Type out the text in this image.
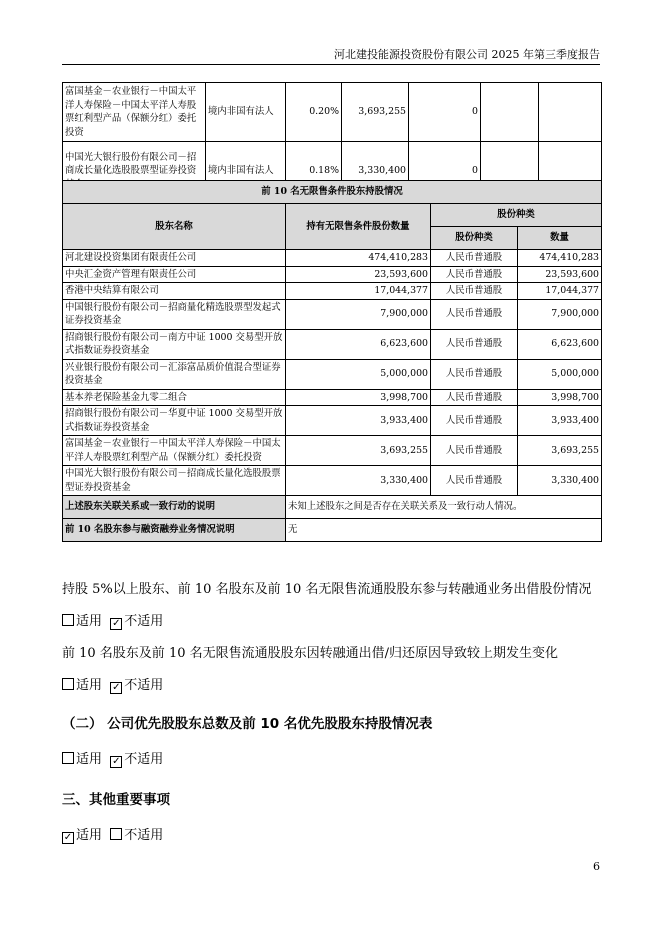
河北建投能源投资股份有限公司 2025 年第三季度报告
富国基金－农业银行－中国太平洋人寿保险－中国太平洋人寿股票红利型产品（保额分红）委托投资	境内非国有法人	0.20%	3,693,255	0		
中国光大银行股份有限公司－招商成长量化选股股票型证券投资	境内非国有法人	0.18%	3,330,400	0		
前 10 名无限售条件股东持股情况			
股东名称	持有无限售条件股份数量	股份种类	
		股份种类	数量
河北建设投资集团有限责任公司	474,410,283	人民币普通股	474,410,283
中央汇金资产管理有限责任公司	23,593,600	人民币普通股	23,593,600
香港中央结算有限公司	17,044,377	人民币普通股	17,044,377
中国银行股份有限公司－招商量化精选股票型发起式证券投资基金	7,900,000	人民币普通股	7,900,000
招商银行股份有限公司－南方中证 1000 交易型开放式指数证券投资基金	6,623,600	人民币普通股	6,623,600
兴业银行股份有限公司－汇添富品质价值混合型证券投资基金	5,000,000	人民币普通股	5,000,000
基本养老保险基金九零二组合	3,998,700	人民币普通股	3,998,700
招商银行股份有限公司－华夏中证 1000 交易型开放式指数证券投资基金	3,933,400	人民币普通股	3,933,400
富国基金－农业银行－中国太平洋人寿保险－中国太平洋人寿股票红利型产品（保额分红）委托投资	3,693,255	人民币普通股	3,693,255
中国光大银行股份有限公司－招商成长量化选股股票型证券投资基金	3,330,400	人民币普通股	3,330,400
上述股东关联关系或一致行动的说明	未知上述股东之间是否存在关联关系及一致行动人情况。		
前 10 名股东参与融资融券业务情况说明	无		
持股 5%以上股东、前 10 名股东及前 10 名无限售流通股股东参与转融通业务出借股份情况
适用 ✓ 不适用
前 10 名股东及前 10 名无限售流通股股东因转融通出借/归还原因导致较上期发生变化
适用 ✓ 不适用
（二） 公司优先股股东总数及前 10 名优先股股东持股情况表
适用 ✓ 不适用
三、其他重要事项
✓ 适用 不适用
6
